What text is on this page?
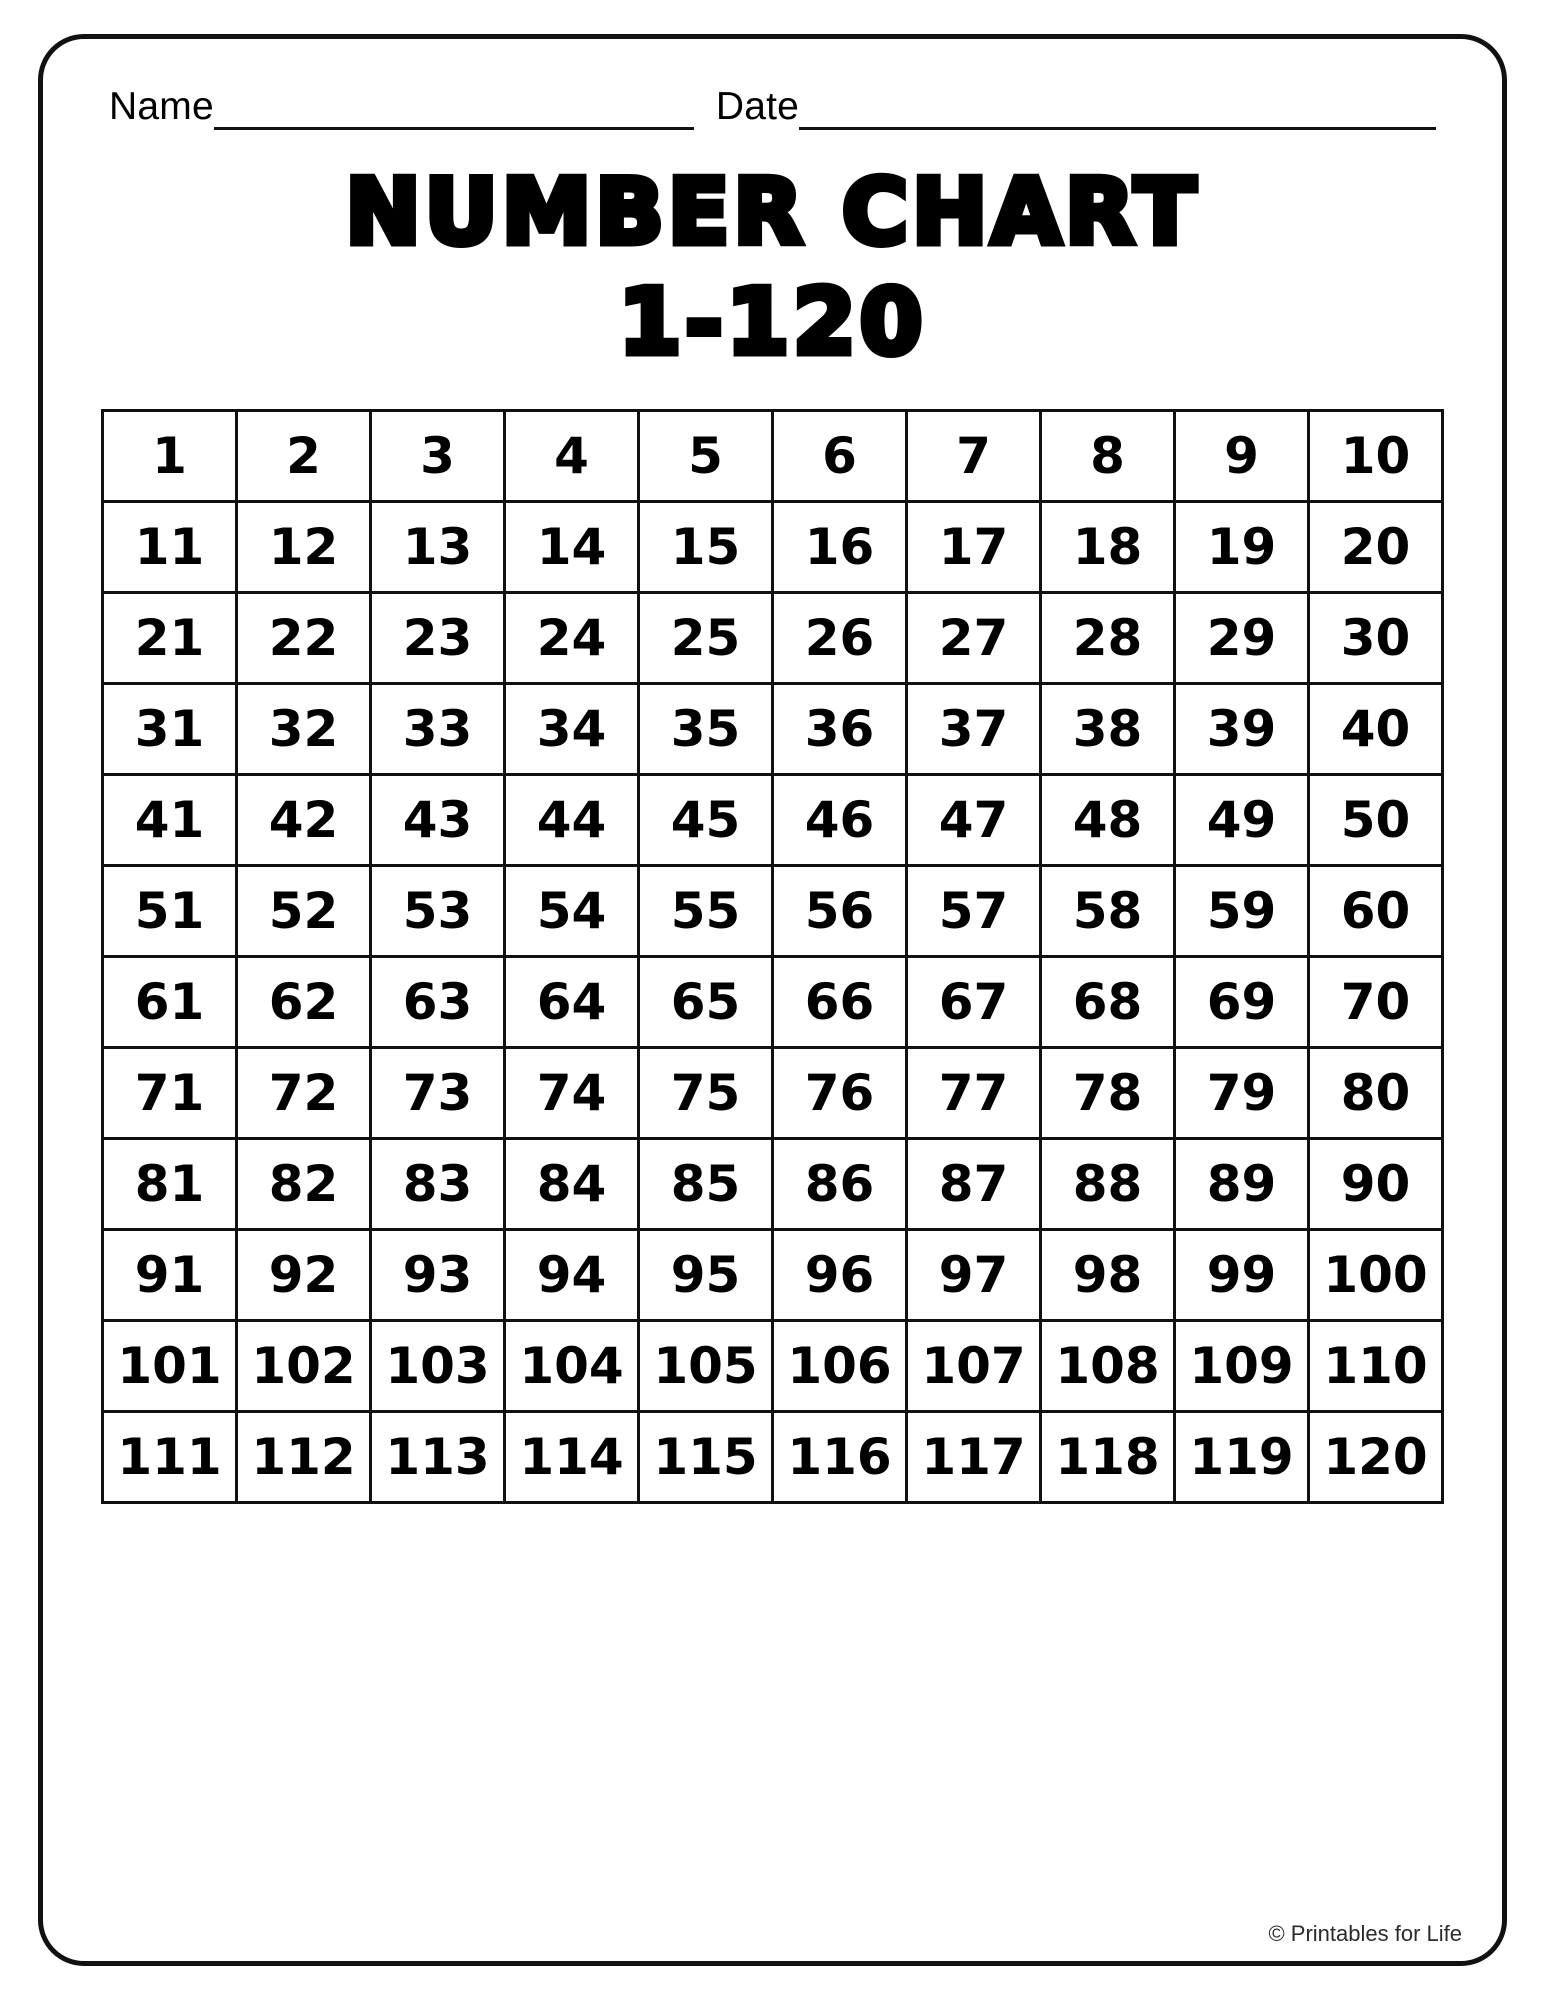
Name	Date
NUMBER CHART
1-120
1	2	3	4	5	6	7	8	9	10
11	12	13	14	15	16	17	18	19	20
21	22	23	24	25	26	27	28	29	30
31	32	33	34	35	36	37	38	39	40
41	42	43	44	45	46	47	48	49	50
51	52	53	54	55	56	57	58	59	60
61	62	63	64	65	66	67	68	69	70
71	72	73	74	75	76	77	78	79	80
81	82	83	84	85	86	87	88	89	90
91	92	93	94	95	96	97	98	99	100
101	102	103	104	105	106	107	108	109	110
111	112	113	114	115	116	117	118	119	120
© Printables for Life
